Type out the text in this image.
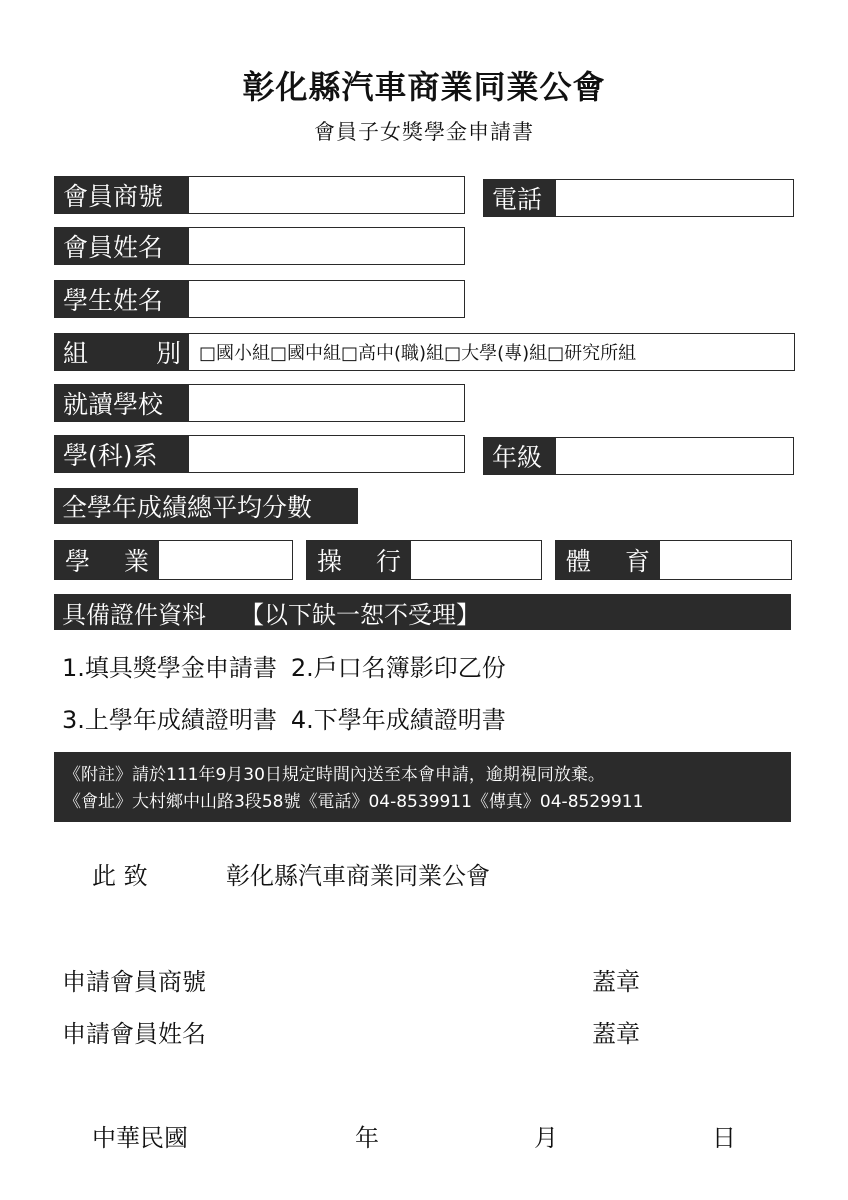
彰化縣汽車商業同業公會
會員子女獎學金申請書
會員商號	電話
會員姓名
學生姓名
組	別	□國小組□國中組□高中(職)組□大學(專)組□研究所組
就讀學校
學(科)系	年級
全學年成績總平均分數
學 業	操 行	體 育
具備證件資料 【以下缺一恕不受理】
1.填具獎學金申請書 2.戶口名簿影印乙份
3.上學年成績證明書 4.下學年成績證明書
《附註》請於111年9月30日規定時間內送至本會申請，逾期視同放棄。
《會址》大村鄉中山路3段58號《電話》04-8539911《傳真》04-8529911
此 致	彰化縣汽車商業同業公會
申請會員商號	蓋章
申請會員姓名	蓋章
中華民國	年	月	日
